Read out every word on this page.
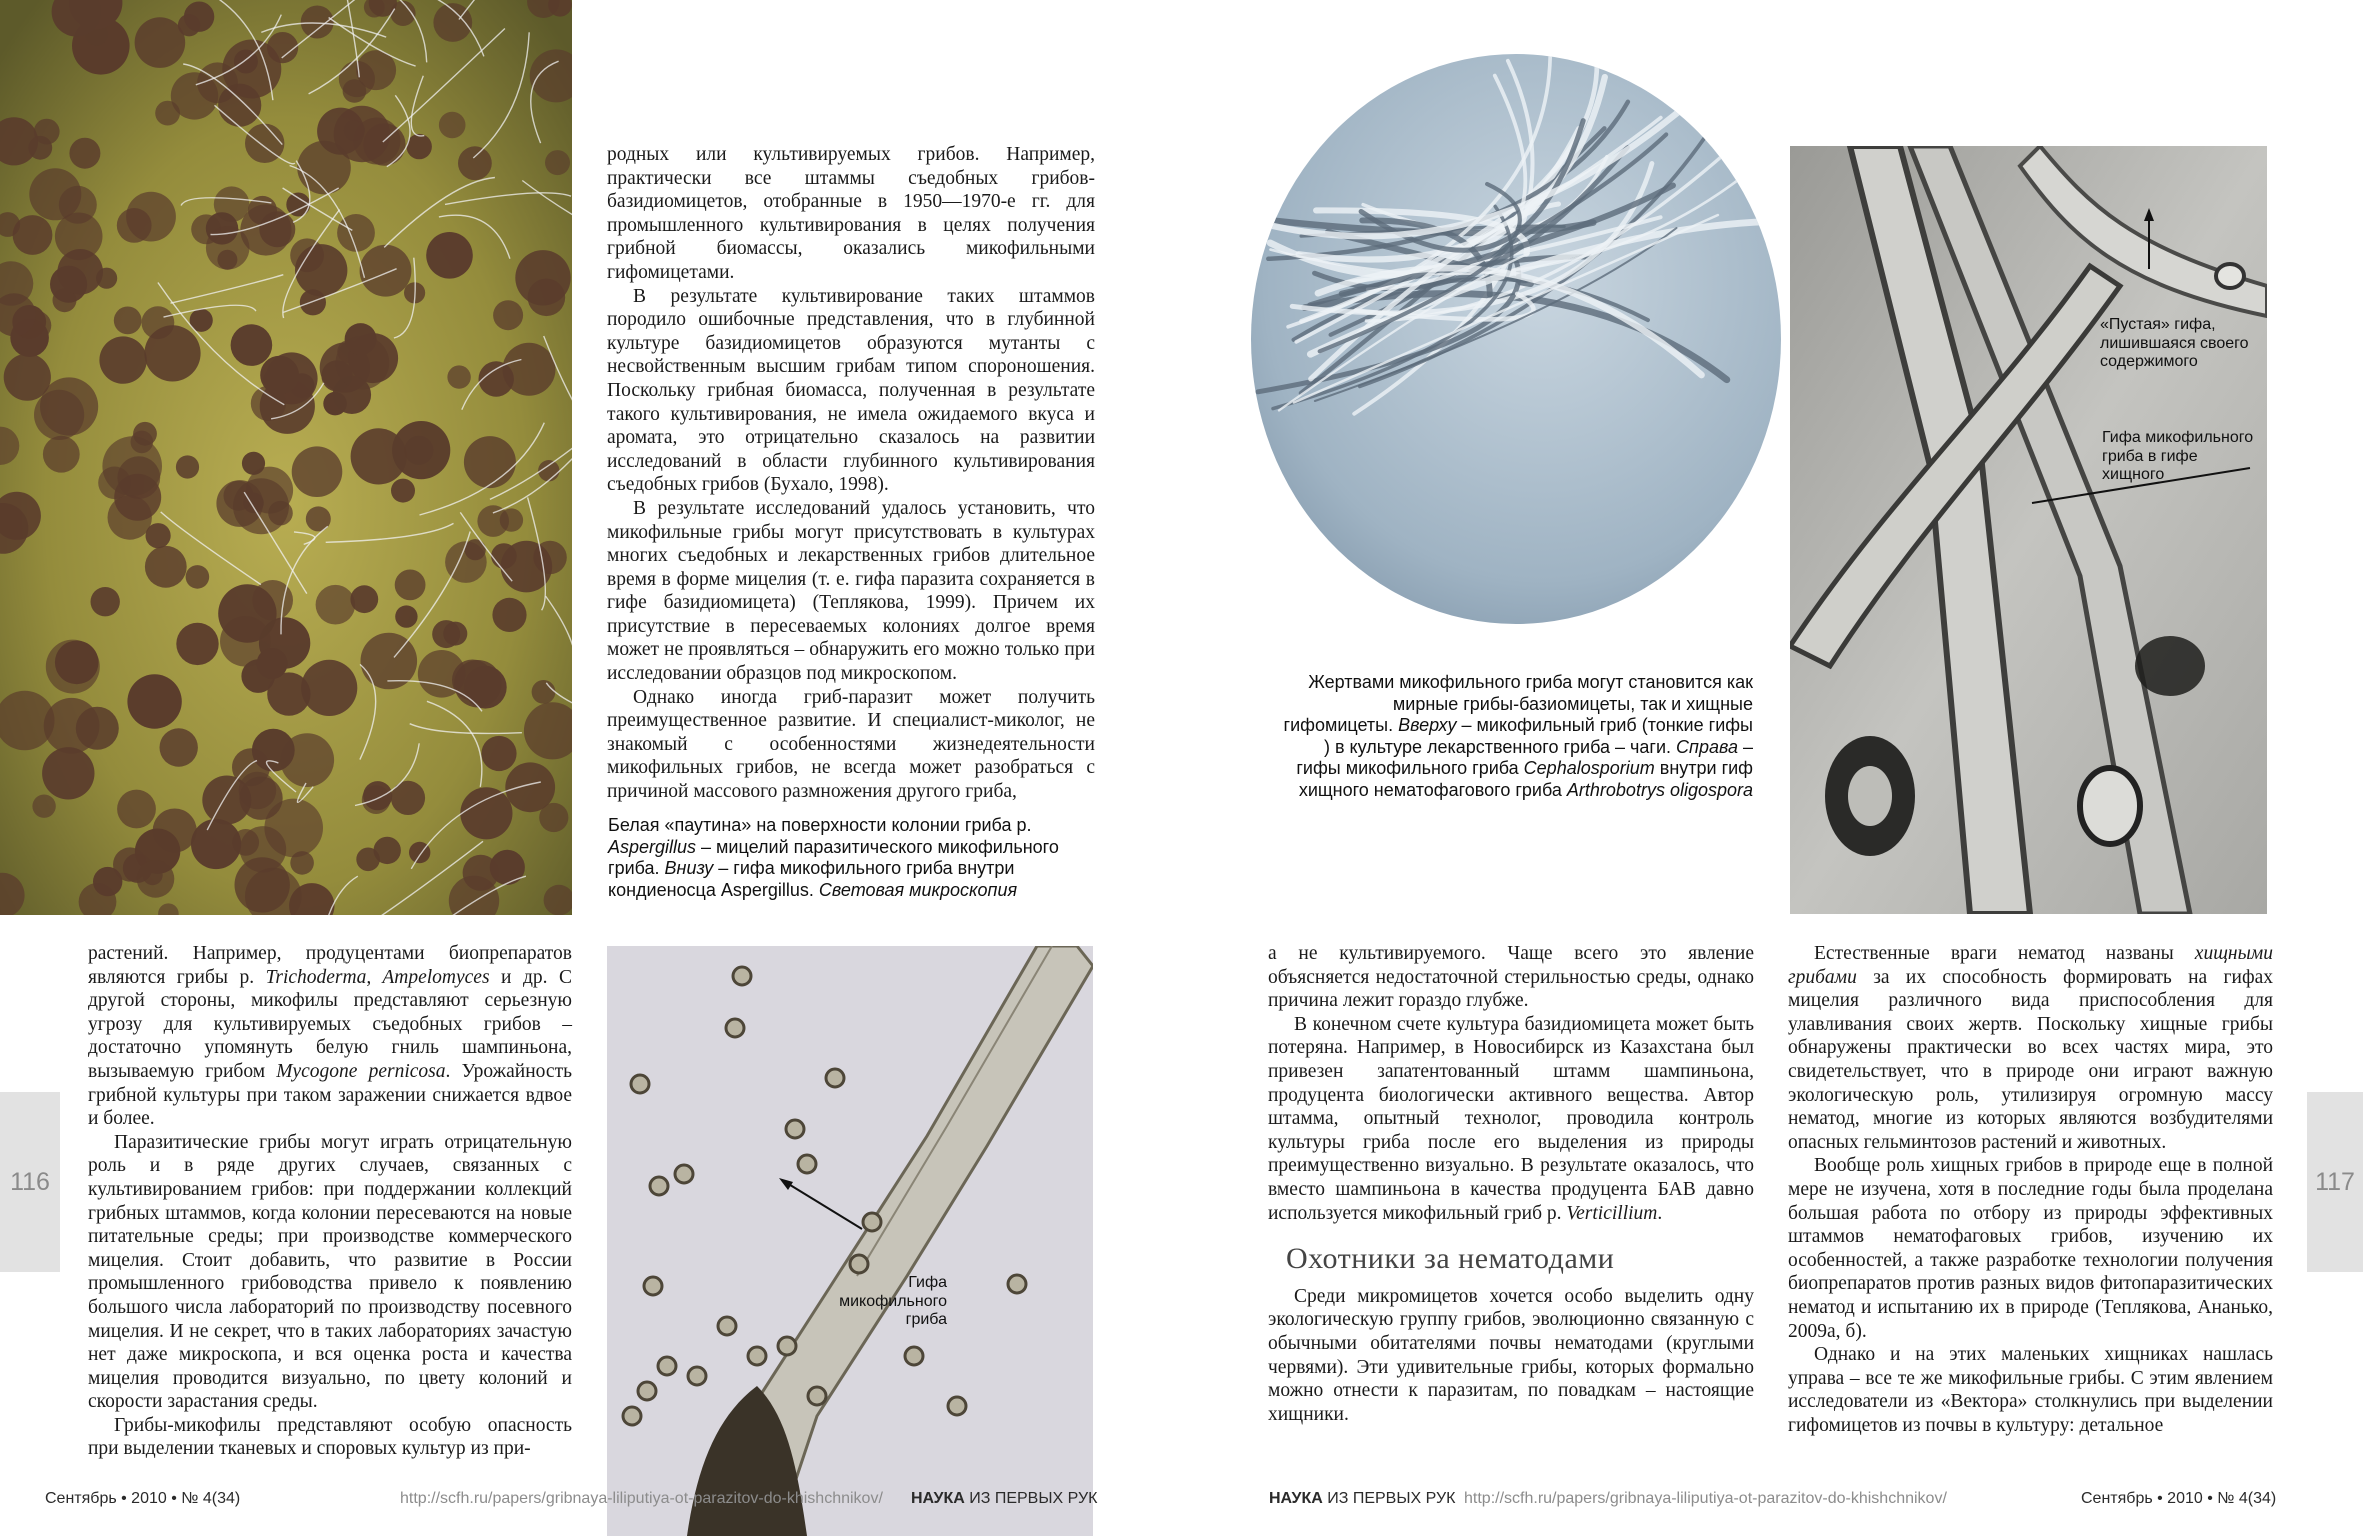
родных или культивируемых грибов. Например, практически все штаммы съедобных грибов-базидиомицетов, отобранные в 1950—1970-е гг. для промышленного культивирования в целях получения грибной биомассы, оказались микофильными гифомицетами.

В результате культивирование таких штаммов породило ошибочные представления, что в глубинной культуре базидиомицетов образуются мутанты с несвойственным высшим грибам типом спороношения. Поскольку грибная биомасса, полученная в результате такого культивирования, не имела ожидаемого вкуса и аромата, это отрицательно сказалось на развитии исследований в области глубинного культивирования съедобных грибов (Бухало, 1998).

В результате исследований удалось установить, что микофильные грибы могут присутствовать в культурах многих съедобных и лекарственных грибов длительное время в форме мицелия (т. е. гифа паразита сохраняется в гифе базидиомицета) (Теплякова, 1999). Причем их присутствие в пересеваемых колониях долгое время может не проявляться – обнаружить его можно только при исследовании образцов под микроскопом.

Однако иногда гриб-паразит может получить преимущественное развитие. И специалист-миколог, не знакомый с особенностями жизнедеятельности микофильных грибов, не всегда может разобраться с причиной массового размножения другого гриба,

Белая «паутина» на поверхности колонии гриба р. Aspergillus – мицелий паразитического микофильного гриба. Внизу – гифа микофильного гриба внутри кондиеносца Aspergillus. Световая микроскопия

растений. Например, продуцентами биопрепаратов являются грибы р. Trichoderma, Ampelomyces и др. С другой стороны, микофилы представляют серьезную угрозу для культивируемых съедобных грибов – достаточно упомянуть белую гниль шампиньона, вызываемую грибом Mycogone pernicosa. Урожайность грибной культуры при таком заражении снижается вдвое и более.

Паразитические грибы могут играть отрицательную роль и в ряде других случаев, связанных с культивированием грибов: при поддержании коллекций грибных штаммов, когда колонии пересеваются на новые питательные среды; при производстве коммерческого мицелия. Стоит добавить, что развитие в России промышленного грибоводства привело к появлению большого числа лабораторий по производству посевного мицелия. И не секрет, что в таких лабораториях зачастую нет даже микроскопа, и вся оценка роста и качества мицелия проводится визуально, по цвету колоний и скорости зарастания среды.

Грибы-микофилы представляют особую опасность при выделении тканевых и споровых культур из при-

Гифа микофильного гриба
116
Сентябрь • 2010 • № 4(34)	http://scfh.ru/papers/gribnaya-liliputiya-ot-parazitov-do-khishchnikov/ НАУКА ИЗ ПЕРВЫХ РУК
«Пустая» гифа, лишившаяся своего содержимого
Гифа микофильного гриба в гифе хищного
Жертвами микофильного гриба могут становится как мирные грибы-базиомицеты, так и хищные гифомицеты. Вверху – микофильный гриб (тонкие гифы ) в культуре лекарственного гриба – чаги. Справа – гифы микофильного гриба Cephalosporium внутри гиф хищного нематофагового гриба Arthrobotrys oligospora

а не культивируемого. Чаще всего это явление объясняется недостаточной стерильностью среды, однако причина лежит гораздо глубже.

В конечном счете культура базидиомицета может быть потеряна. Например, в Новосибирск из Казахстана был привезен запатентованный штамм шампиньона, продуцента биологически активного вещества. Автор штамма, опытный технолог, проводила контроль культуры гриба после его выделения из природы преимущественно визуально. В результате оказалось, что вместо шампиньона в качества продуцента БАВ давно используется микофильный гриб р. Verticillium.

Охотники за нематодами

Среди микромицетов хочется особо выделить одну экологическую группу грибов, эволюционно связанную с обычными обитателями почвы нематодами (круглыми червями). Эти удивительные грибы, которых формально можно отнести к паразитам, по повадкам – настоящие хищники.

Естественные враги нематод названы хищными грибами за их способность формировать на гифах мицелия различного вида приспособления для улавливания своих жертв. Поскольку хищные грибы обнаружены практически во всех частях мира, это свидетельствует, что в природе они играют важную экологическую роль, утилизируя огромную массу нематод, многие из которых являются возбудителями опасных гельминтозов растений и животных.

Вообще роль хищных грибов в природе еще в полной мере не изучена, хотя в последние годы была проделана большая работа по отбору из природы эффективных штаммов нематофаговых грибов, изучению их особенностей, а также разработке технологии получения биопрепаратов против разных видов фитопаразитических нематод и испытанию их в природе (Теплякова, Ананько, 2009а, б).

Однако и на этих маленьких хищниках нашлась управа – все те же микофильные грибы. С этим явлением исследователи из «Вектора» столкнулись при выделении гифомицетов из почвы в культуру: детальное

117
НАУКА ИЗ ПЕРВЫХ РУК http://scfh.ru/papers/gribnaya-liliputiya-ot-parazitov-do-khishchnikov/	Сентябрь • 2010 • № 4(34)
